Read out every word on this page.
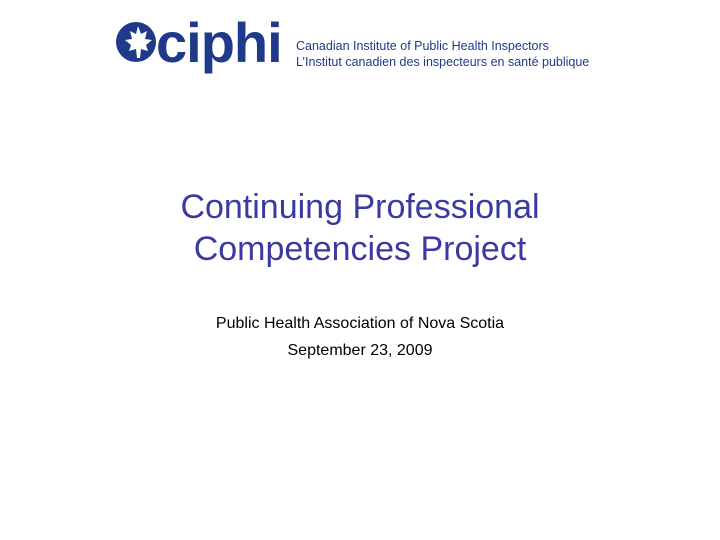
ciphi Canadian Institute of Public Health Inspectors
L’Institut canadien des inspecteurs en santé publique
Continuing Professional
Competencies Project
Public Health Association of Nova Scotia
September 23, 2009
